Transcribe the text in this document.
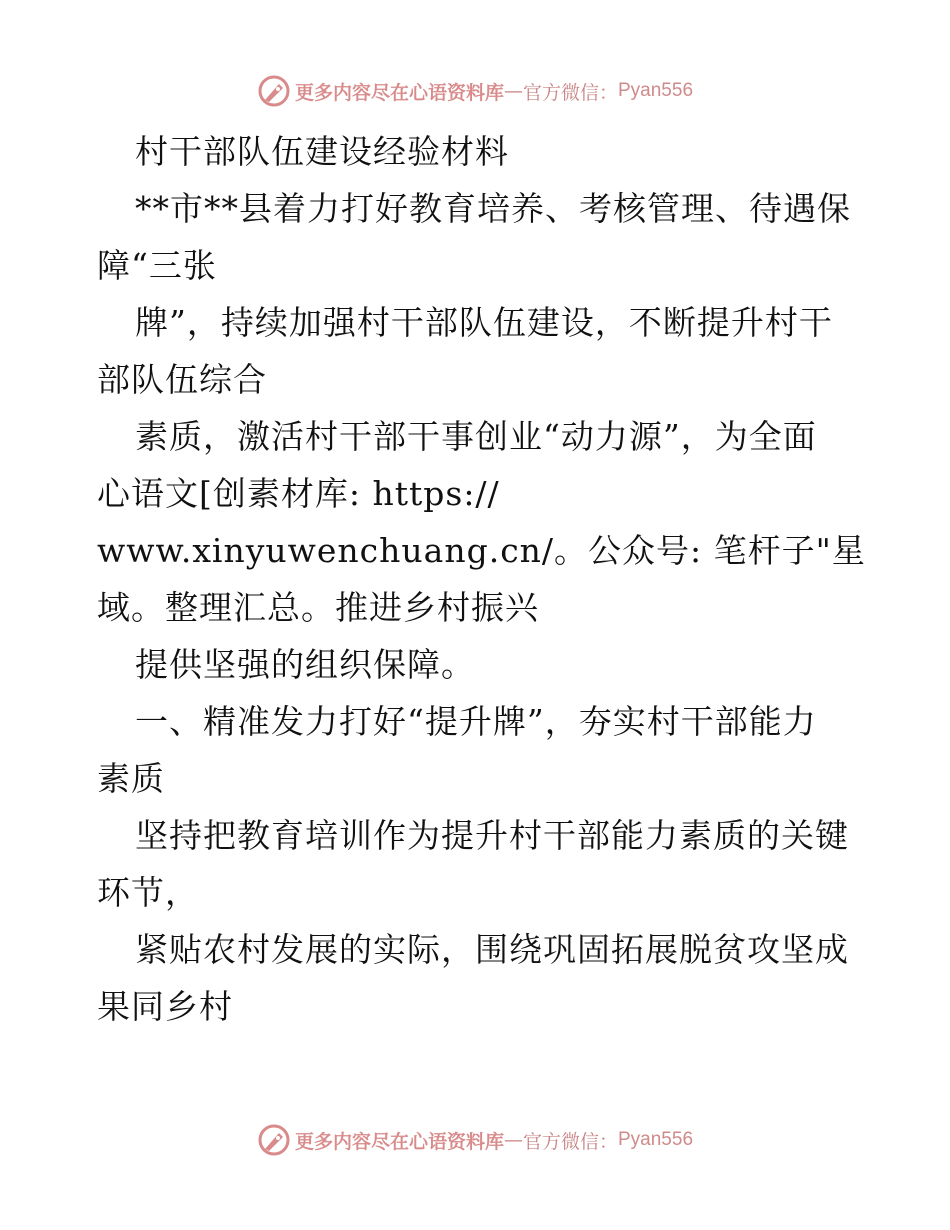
更多内容尽在心语资料库 — 官方微信： Pyan556
村干部队伍建设经验材料
**市**县着力打好教育培养、考核管理、待遇保
障“三张
牌”，持续加强村干部队伍建设，不断提升村干
部队伍综合
素质，激活村干部干事创业“动力源”，为全面
心语文[创素材库: https://
www.xinyuwenchuang.cn/。公众号: 笔杆子"星
域。整理汇总。推进乡村振兴
提供坚强的组织保障。
一、精准发力打好“提升牌”，夯实村干部能力
素质
坚持把教育培训作为提升村干部能力素质的关键
环节，
紧贴农村发展的实际，围绕巩固拓展脱贫攻坚成
果同乡村
更多内容尽在心语资料库 — 官方微信： Pyan556
